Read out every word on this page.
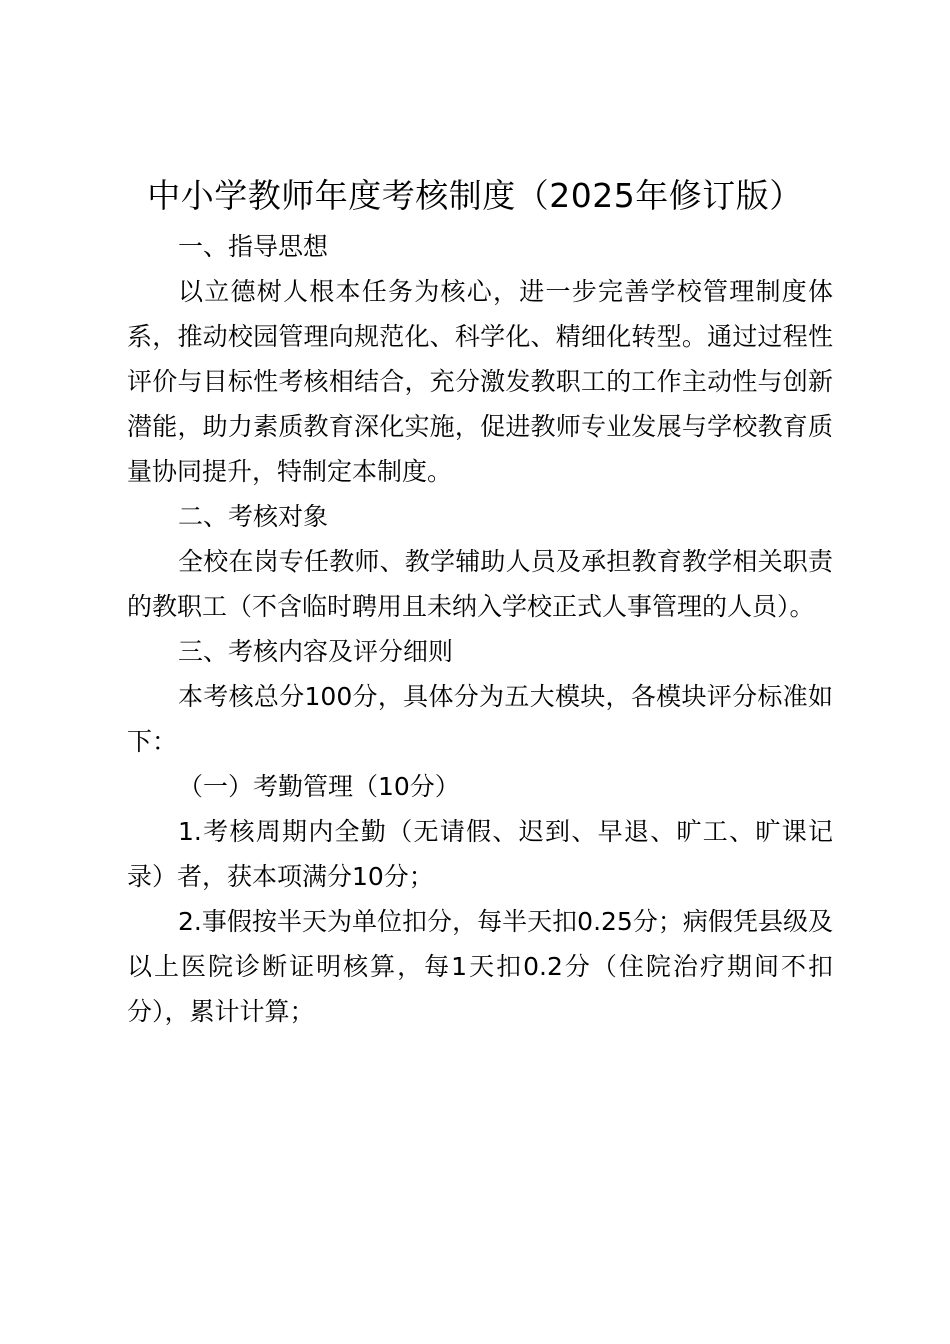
中小学教师年度考核制度（2025年修订版）

一、指导思想

以立德树人根本任务为核心，进一步完善学校管理制度体系，推动校园管理向规范化、科学化、精细化转型。通过过程性评价与目标性考核相结合，充分激发教职工的工作主动性与创新潜能，助力素质教育深化实施，促进教师专业发展与学校教育质量协同提升，特制定本制度。

二、考核对象

全校在岗专任教师、教学辅助人员及承担教育教学相关职责的教职工（不含临时聘用且未纳入学校正式人事管理的人员）。

三、考核内容及评分细则

本考核总分100分，具体分为五大模块，各模块评分标准如下：

（一）考勤管理（10分）

1.考核周期内全勤（无请假、迟到、早退、旷工、旷课记录）者，获本项满分10分；

2.事假按半天为单位扣分，每半天扣0.25分；病假凭县级及以上医院诊断证明核算，每1天扣0.2分（住院治疗期间不扣分），累计计算；
